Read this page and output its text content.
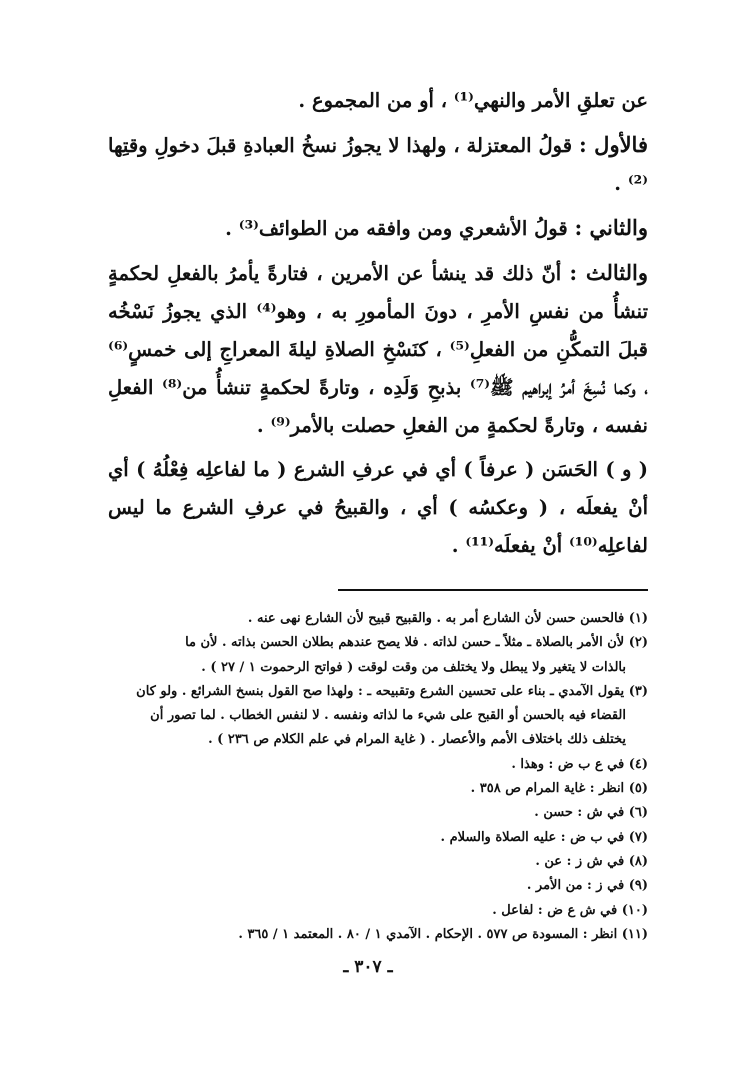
عن تعلقِ الأمر والنهي⁽¹⁾ ، أو من المجموع .

فالأول : قولُ المعتزلة ، ولهذا لا يجوزُ نسخُ العبادةِ قبلَ دخولِ وقتِها ⁽²⁾ .

والثاني : قولُ الأشعري ومن وافقه من الطوائف⁽³⁾ .

والثالث : أنّ ذلك قد ينشأ عن الأمرين ، فتارةً يأمرُ بالفعلِ لحكمةٍ تنشأُ من نفسِ الأمرِ ، دونَ المأمورِ به ، وهو⁽⁴⁾ الذي يجوزُ نَسْخُه قبلَ التمكُّنِ من الفعلِ⁽⁵⁾ ، كنَسْخِ الصلاةِ ليلةَ المعراجِ إلى خمسٍ⁽⁶⁾ ، وكما نُسِخَ أمرُ إبراهيم ﷺ⁽⁷⁾ بذبحِ وَلَدِه ، وتارةً لحكمةٍ تنشأُ من⁽⁸⁾ الفعلِ نفسه ، وتارةً لحكمةٍ من الفعلِ حصلت بالأمر⁽⁹⁾ .

( و ) الحَسَن ( عرفاً ) أي في عرفِ الشرع ( ما لفاعلِه فِعْلُهُ ) أي أنْ يفعلَه ، ( وعكسُه ) أي ، والقبيحُ في عرفِ الشرع ما ليس لفاعلِه⁽¹⁰⁾ أنْ يفعلَه⁽¹¹⁾ .

(١) فالحسن حسن لأن الشارع أمر به . والقبيح قبيح لأن الشارع نهى عنه .

(٢) لأن الأمر بالصلاة ـ مثلاً ـ حسن لذاته . فلا يصح عندهم بطلان الحسن بذاته . لأن ما

بالذات لا يتغير ولا يبطل ولا يختلف من وقت لوقت ( فواتح الرحموت ١ / ٢٧ ) .

(٣) يقول الآمدي ـ بناء على تحسين الشرع وتقبيحه ـ : ولهذا صح القول بنسخ الشرائع . ولو كان

القضاء فيه بالحسن أو القبح على شيء ما لذاته ونفسه . لا لنفس الخطاب . لما تصور أن

يختلف ذلك باختلاف الأمم والأعصار . ( غاية المرام في علم الكلام ص ٢٣٦ ) .

(٤) في ع ب ض : وهذا .

(٥) انظر : غاية المرام ص ٣٥٨ .

(٦) في ش : حسن .

(٧) في ب ض : عليه الصلاة والسلام .

(٨) في ش ز : عن .

(٩) في ز : من الأمر .

(١٠) في ش ع ض : لفاعل .

(١١) انظر : المسودة ص ٥٧٧ . الإحكام . الآمدي ١ / ٨٠ . المعتمد ١ / ٣٦٥ .

ـ ٣٠٧ ـ
